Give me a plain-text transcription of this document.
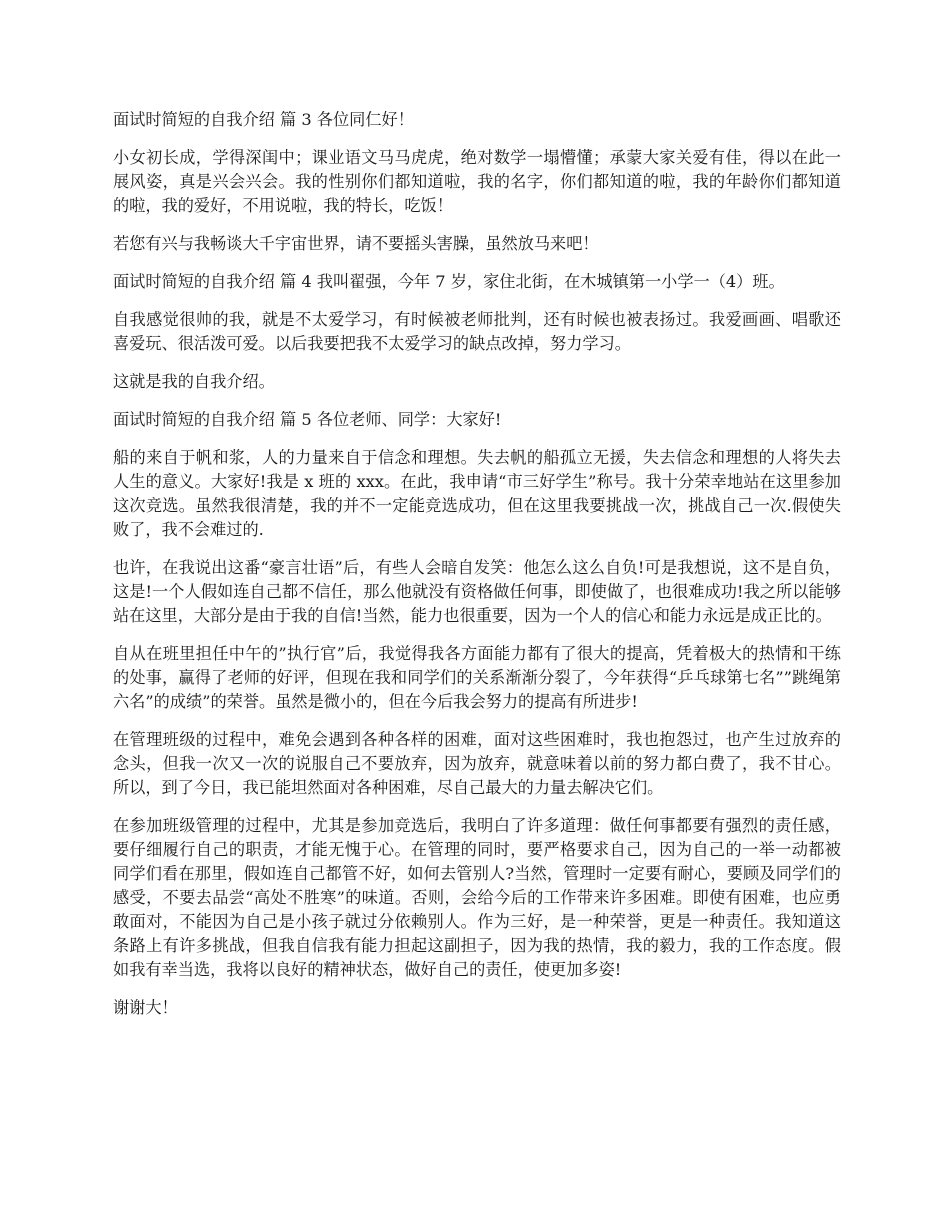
面试时简短的自我介绍 篇 3 各位同仁好！

小女初长成，学得深闺中；课业语文马马虎虎，绝对数学一塌懵懂；承蒙大家关爱有佳，得以在此一展风姿，真是兴会兴会。我的性别你们都知道啦，我的名字，你们都知道的啦，我的年龄你们都知道的啦，我的爱好，不用说啦，我的特长，吃饭！

若您有兴与我畅谈大千宇宙世界，请不要摇头害臊，虽然放马来吧！

面试时简短的自我介绍 篇 4 我叫翟强，今年 7 岁，家住北街，在木城镇第一小学一（4）班。

自我感觉很帅的我，就是不太爱学习，有时候被老师批判，还有时候也被表扬过。我爱画画、唱歌还喜爱玩、很活泼可爱。以后我要把我不太爱学习的缺点改掉，努力学习。

这就是我的自我介绍。

面试时简短的自我介绍 篇 5 各位老师、同学：大家好!

船的来自于帆和浆，人的力量来自于信念和理想。失去帆的船孤立无援，失去信念和理想的人将失去人生的意义。大家好!我是 x 班的 xxx。在此，我申请“市三好学生”称号。我十分荣幸地站在这里参加这次竞选。虽然我很清楚，我的并不一定能竞选成功，但在这里我要挑战一次，挑战自己一次.假使失败了，我不会难过的.

也许，在我说出这番“豪言壮语”后，有些人会暗自发笑：他怎么这么自负!可是我想说，这不是自负，这是!一个人假如连自己都不信任，那么他就没有资格做任何事，即使做了，也很难成功!我之所以能够站在这里，大部分是由于我的自信!当然，能力也很重要，因为一个人的信心和能力永远是成正比的。

自从在班里担任中午的”执行官”后，我觉得我各方面能力都有了很大的提高，凭着极大的热情和干练的处事，赢得了老师的好评，但现在我和同学们的关系渐渐分裂了，今年获得“乒乓球第七名””跳绳第六名”的成绩”的荣誉。虽然是微小的，但在今后我会努力的提高有所进步!

在管理班级的过程中，难免会遇到各种各样的困难，面对这些困难时，我也抱怨过，也产生过放弃的念头，但我一次又一次的说服自己不要放弃，因为放弃，就意味着以前的努力都白费了，我不甘心。所以，到了今日，我已能坦然面对各种困难，尽自己最大的力量去解决它们。

在参加班级管理的过程中，尤其是参加竞选后，我明白了许多道理：做任何事都要有强烈的责任感，要仔细履行自己的职责，才能无愧于心。在管理的同时，要严格要求自己，因为自己的一举一动都被同学们看在那里，假如连自己都管不好，如何去管别人?当然，管理时一定要有耐心，要顾及同学们的感受，不要去品尝“高处不胜寒”的味道。否则，会给今后的工作带来许多困难。即使有困难，也应勇敢面对，不能因为自己是小孩子就过分依赖别人。作为三好，是一种荣誉，更是一种责任。我知道这条路上有许多挑战，但我自信我有能力担起这副担子，因为我的热情，我的毅力，我的工作态度。假如我有幸当选，我将以良好的精神状态，做好自己的责任，使更加多姿!

谢谢大！
